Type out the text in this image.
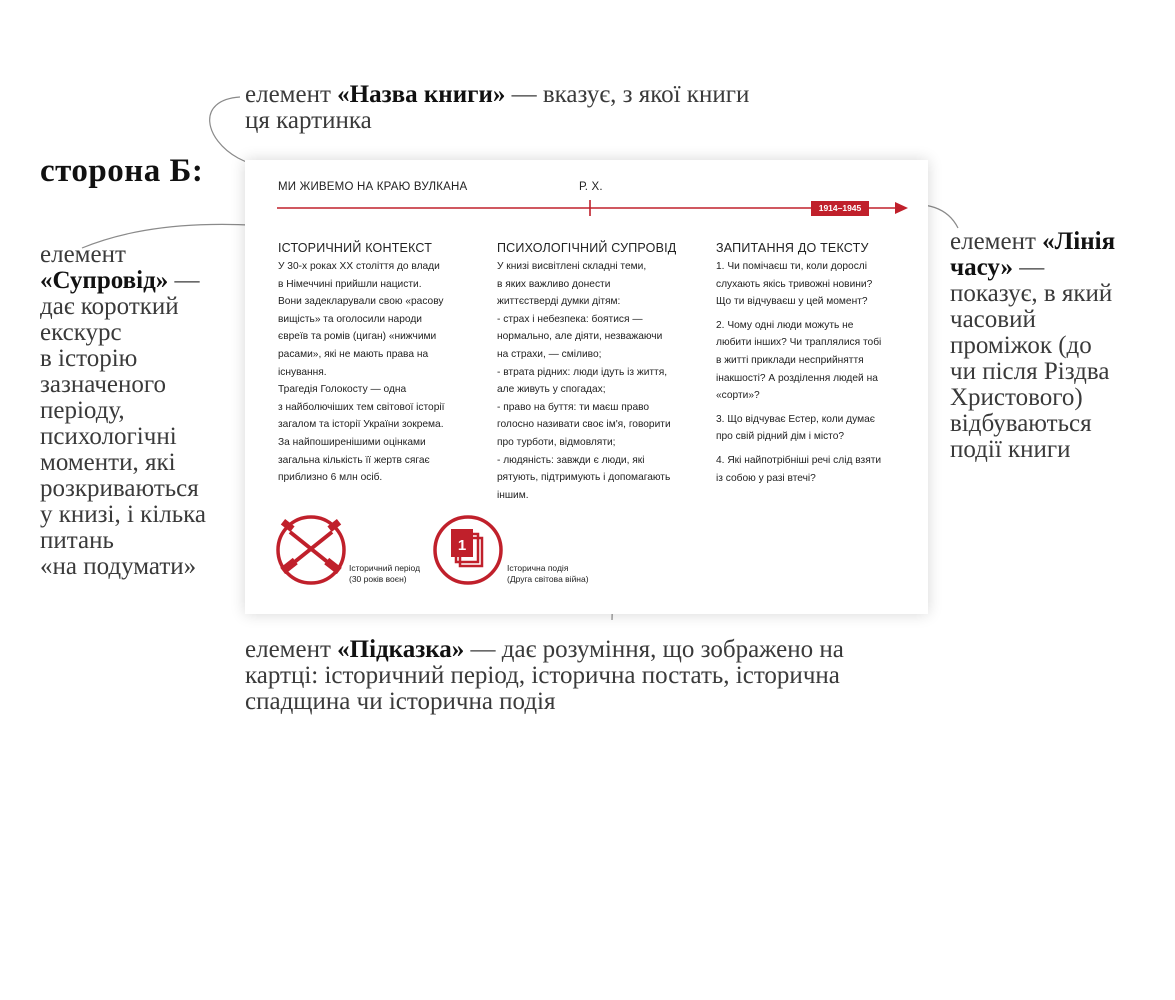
сторона Б:
елемент «Назва книги» — вказує, з якої книги
ця картинка
елемент
«Супровід» —
дає короткий
екскурс
в історію
зазначеного
періоду,
психологічні
моменти, які
розкриваються
у книзі, і кілька
питань
«на подумати»
елемент «Лінія
часу» —
показує, в який
часовий
проміжок (до
чи після Різдва
Христового)
відбуваються
події книги
елемент «Підказка» — дає розуміння, що зображено на
картці: історичний період, історична постать, історична
спадщина чи історична подія
МИ ЖИВЕМО НА КРАЮ ВУЛКАНА	Р. Х.
1914–1945
ІСТОРИЧНИЙ КОНТЕКСТ

У 30-х роках XX століття до влади
в Німеччині прийшли нацисти.
Вони задекларували свою «расову
вищість» та оголосили народи
євреїв та ромів (циган) «нижчими
расами», які не мають права на
існування.

Трагедія Голокосту — одна
з найболючіших тем світової історії
загалом та історії України зокрема.
За найпоширенішими оцінками
загальна кількість її жертв сягає
приблизно 6 млн осіб.

ПСИХОЛОГІЧНИЙ СУПРОВІД

У книзі висвітлені складні теми,
в яких важливо донести
життєстверді думки дітям:
- страх і небезпека: боятися —
нормально, але діяти, незважаючи
на страхи, — сміливо;
- втрата рідних: люди ідуть із життя,
але живуть у спогадах;
- право на буття: ти маєш право
голосно називати своє ім'я, говорити
про турботи, відмовляти;
- людяність: завжди є люди, які
рятують, підтримують і допомагають
іншим.

ЗАПИТАННЯ ДО ТЕКСТУ

1. Чи помічаєш ти, коли дорослі
слухають якісь тривожні новини?
Що ти відчуваєш у цей момент?

2. Чому одні люди можуть не
любити інших? Чи траплялися тобі
в житті приклади несприйняття
інакшості? А розділення людей на
«сорти»?

3. Що відчуває Естер, коли думає
про свій рідний дім і місто?

4. Які найпотрібніші речі слід взяти
із собою у разі втечі?

1
Історичний період
(30 років воєн)
Історична подія
(Друга світова війна)
